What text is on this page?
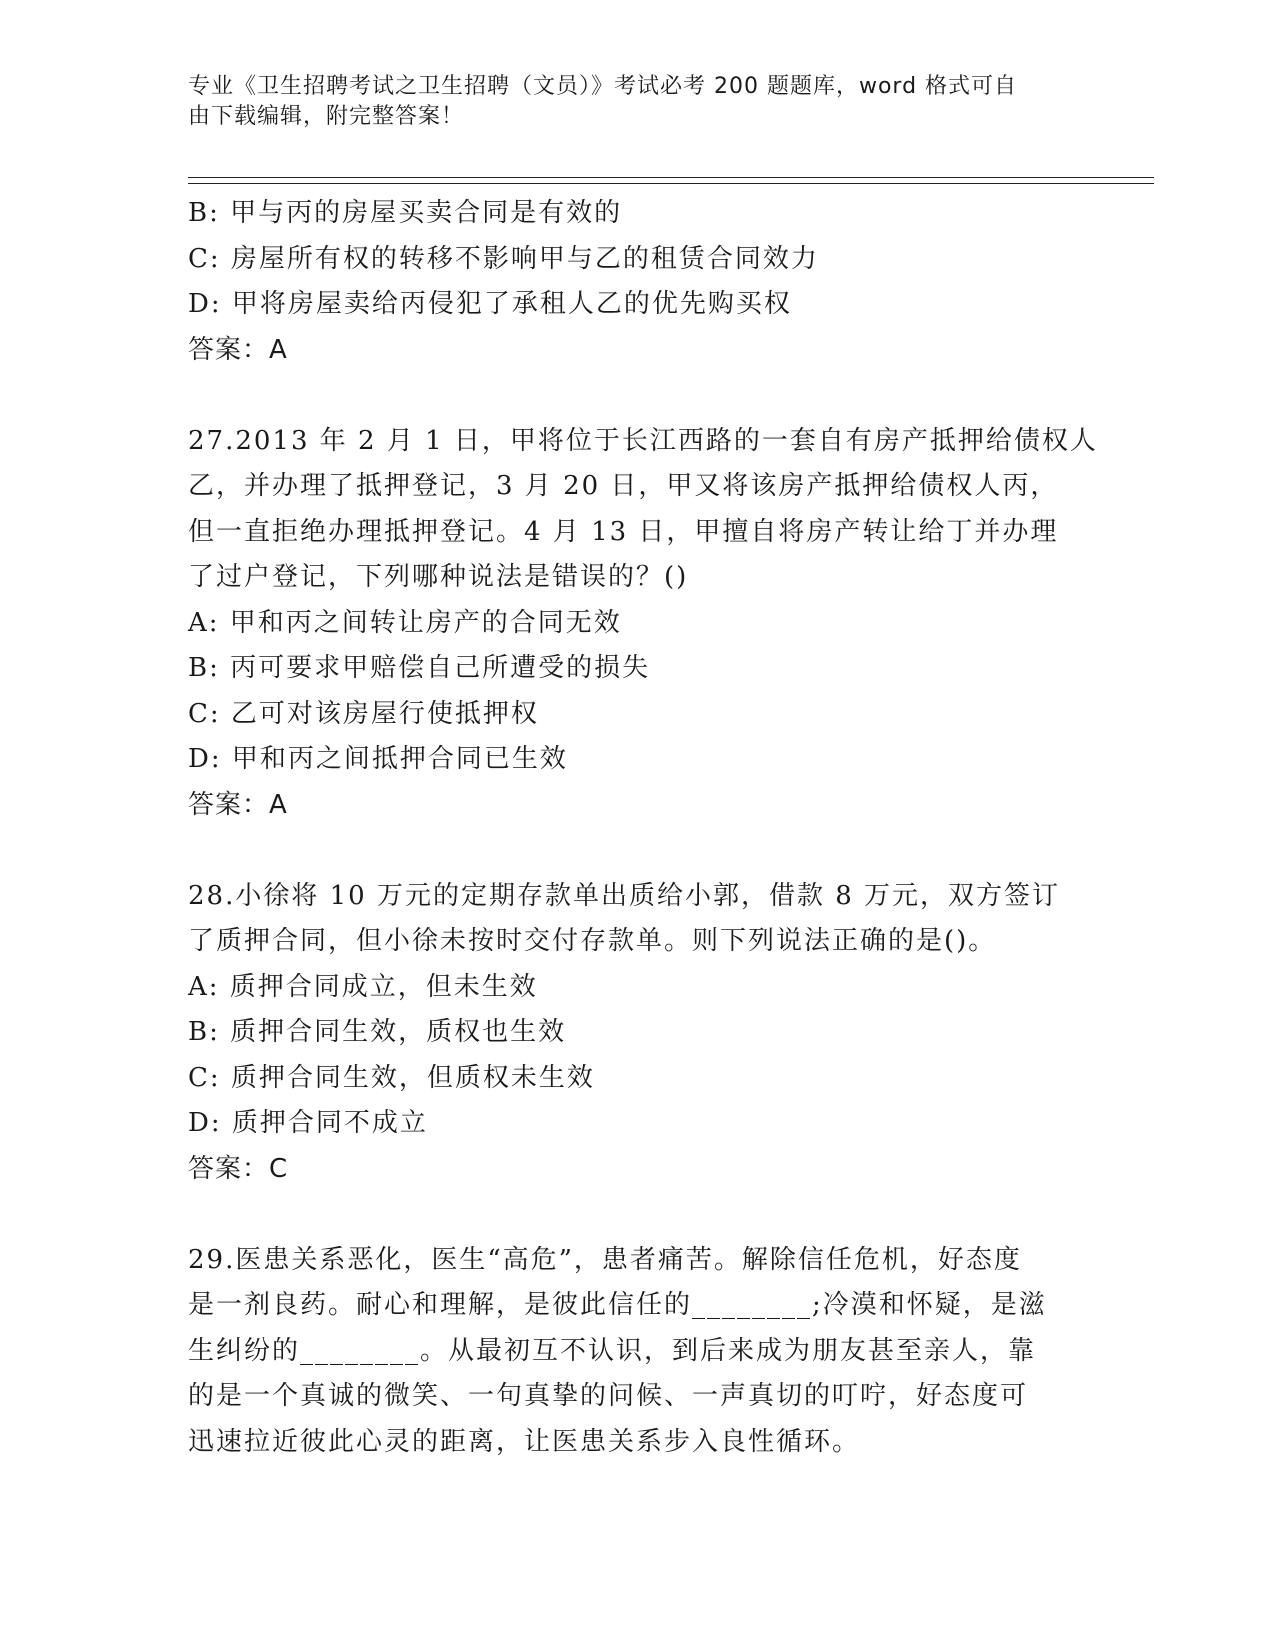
专业《卫生招聘考试之卫生招聘（文员）》考试必考 200 题题库，word 格式可自
由下载编辑，附完整答案！
B: 甲与丙的房屋买卖合同是有效的
C: 房屋所有权的转移不影响甲与乙的租赁合同效力
D: 甲将房屋卖给丙侵犯了承租人乙的优先购买权
答案：A
27.2013 年 2 月 1 日，甲将位于长江西路的一套自有房产抵押给债权人
乙，并办理了抵押登记，3 月 20 日，甲又将该房产抵押给债权人丙，
但一直拒绝办理抵押登记。4 月 13 日，甲擅自将房产转让给丁并办理
了过户登记，下列哪种说法是错误的？()
A: 甲和丙之间转让房产的合同无效
B: 丙可要求甲赔偿自己所遭受的损失
C: 乙可对该房屋行使抵押权
D: 甲和丙之间抵押合同已生效
答案：A
28.小徐将 10 万元的定期存款单出质给小郭，借款 8 万元，双方签订
了质押合同，但小徐未按时交付存款单。则下列说法正确的是()。
A: 质押合同成立，但未生效
B: 质押合同生效，质权也生效
C: 质押合同生效，但质权未生效
D: 质押合同不成立
答案：C
29.医患关系恶化，医生“高危”，患者痛苦。解除信任危机，好态度
是一剂良药。耐心和理解，是彼此信任的________;冷漠和怀疑，是滋
生纠纷的________。从最初互不认识，到后来成为朋友甚至亲人，靠
的是一个真诚的微笑、一句真挚的问候、一声真切的叮咛，好态度可
迅速拉近彼此心灵的距离，让医患关系步入良性循环。
